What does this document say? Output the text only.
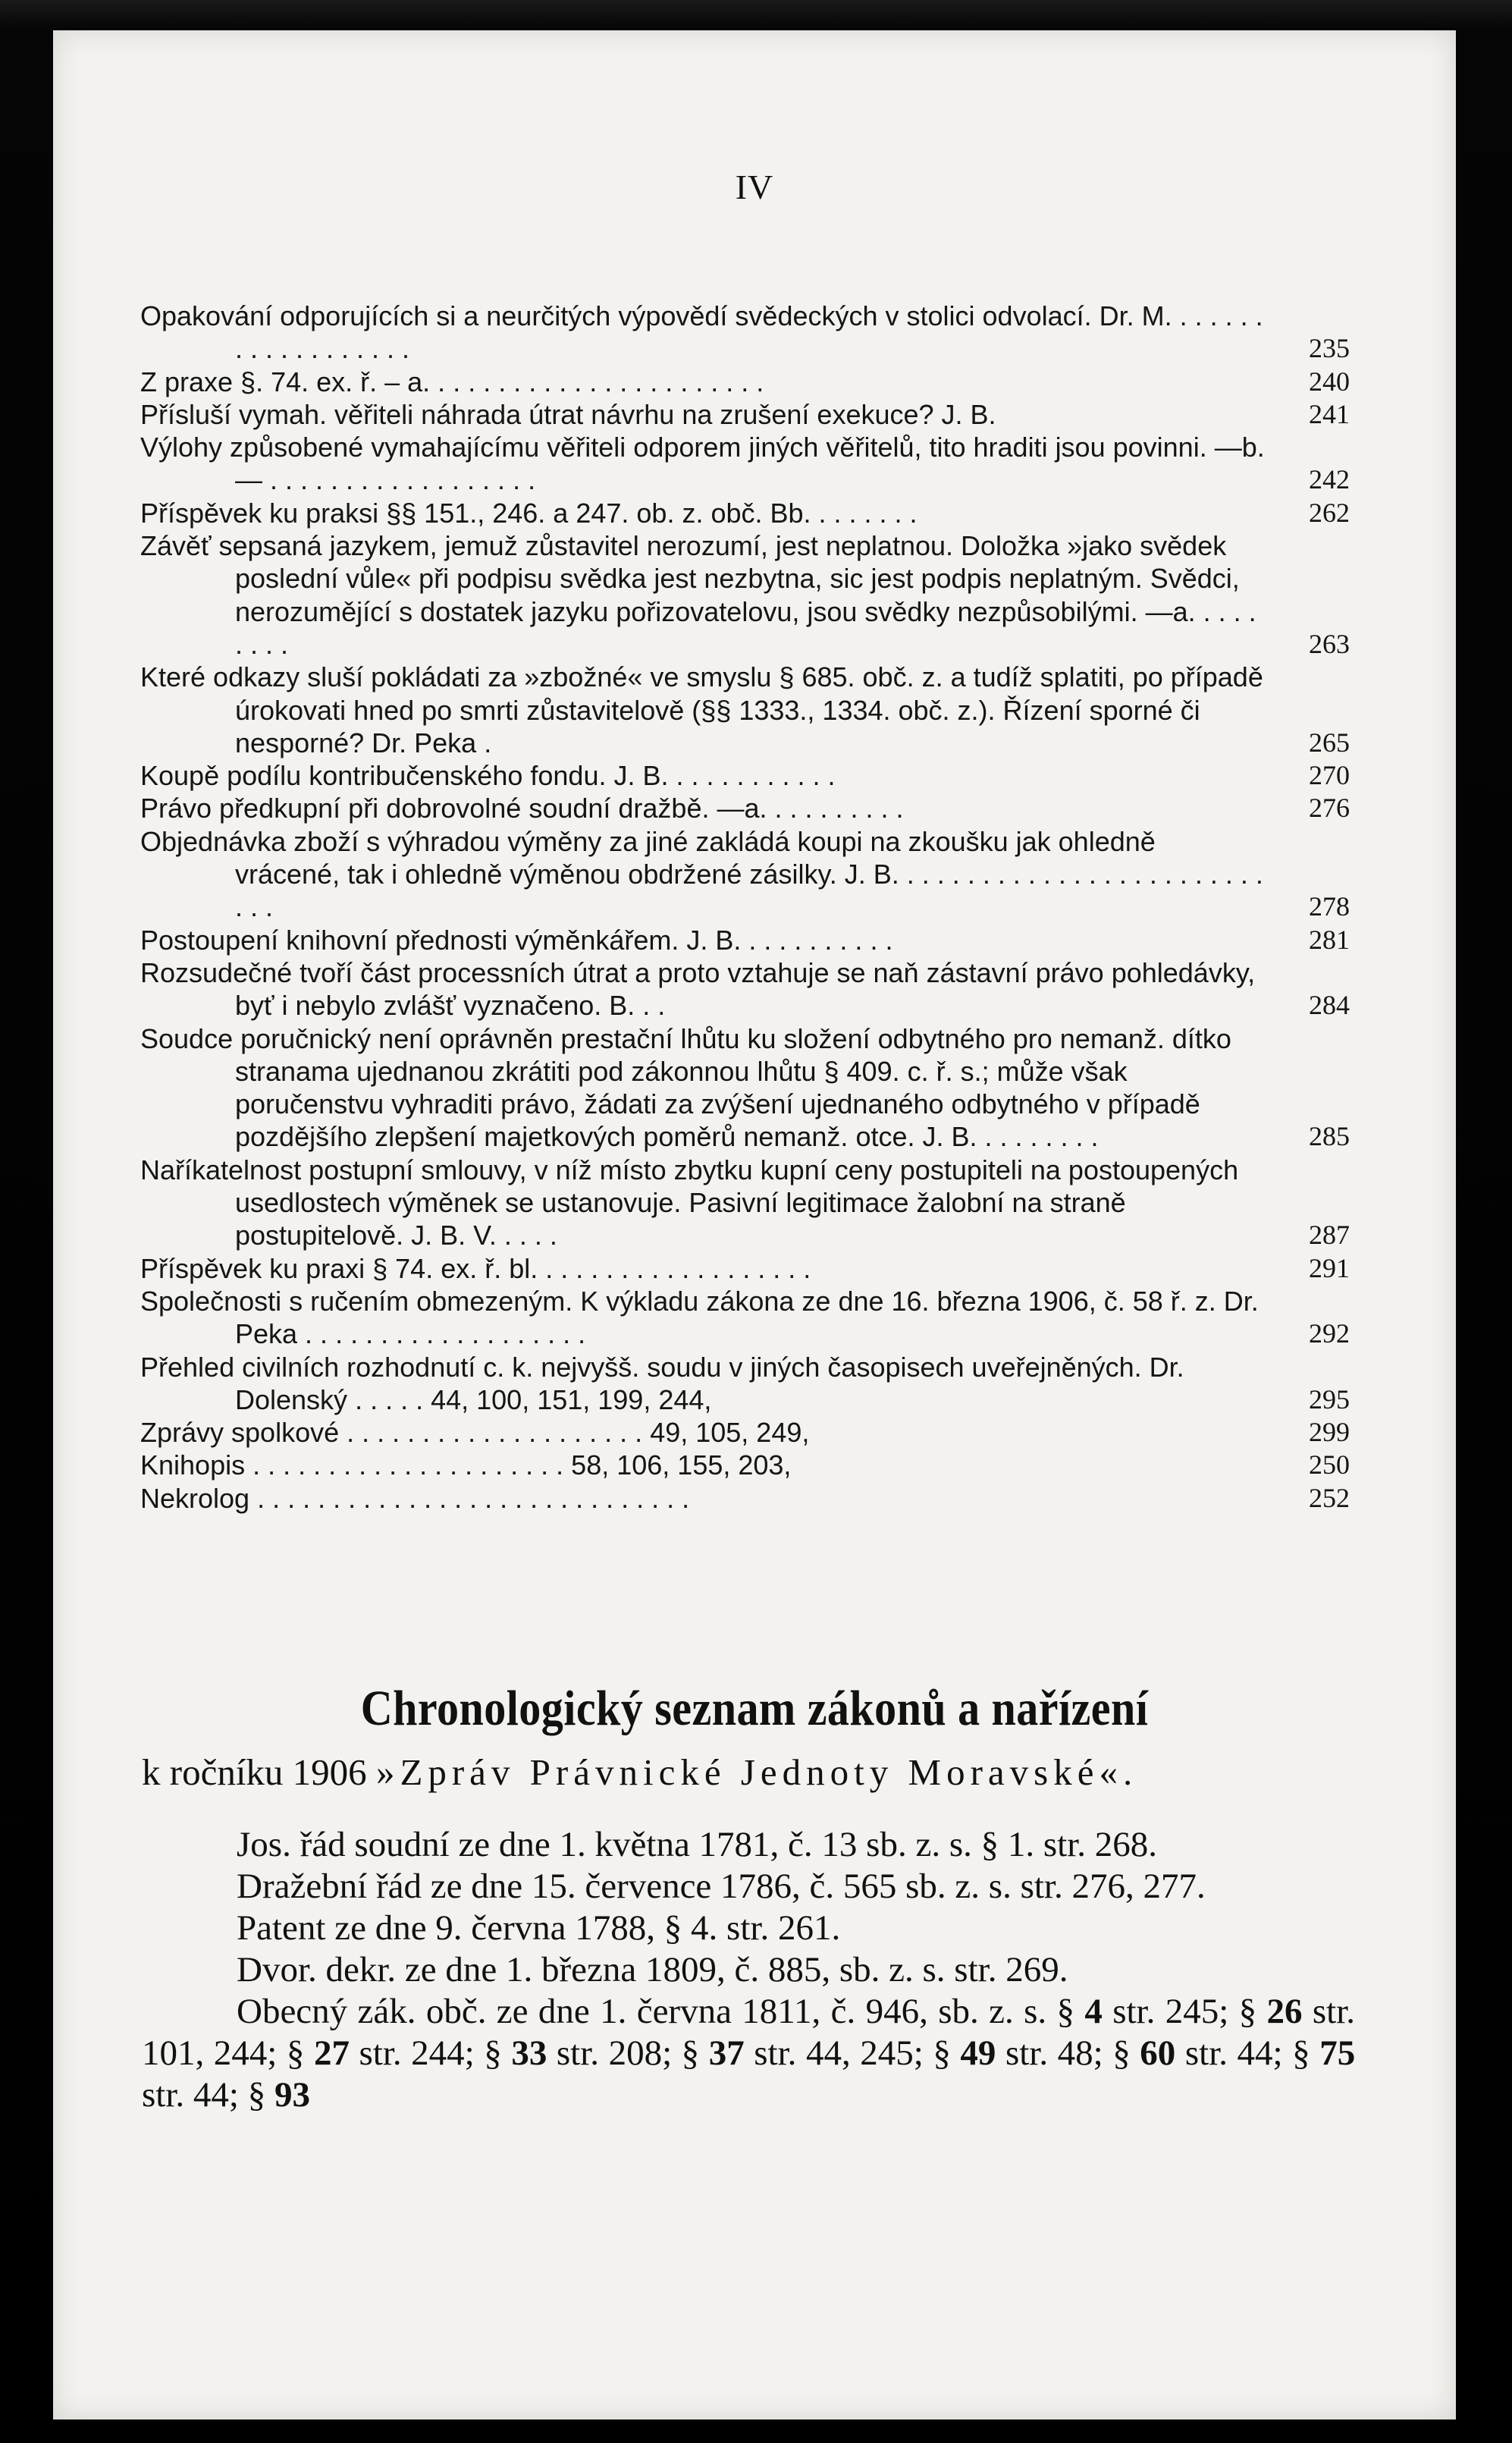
IV
Opakování odporujících si a neurčitých výpovědí svědeckých v stolici odvolací. Dr. M. . . . . . . . . . . . . . . . . . .	235
Z praxe §. 74. ex. ř. – a. . . . . . . . . . . . . . . . . . . . . . .	240
Přísluší vymah. věřiteli náhrada útrat návrhu na zrušení exekuce? J. B.	241
Výlohy způsobené vymahajícímu věřiteli odporem jiných věřitelů, tito hraditi jsou povinni. —b.— . . . . . . . . . . . . . . . . . .	242
Příspěvek ku praksi §§ 151., 246. a 247. ob. z. obč. Bb. . . . . . . .	262
Závěť sepsaná jazykem, jemuž zůstavitel nerozumí, jest neplatnou. Doložka »jako svědek poslední vůle« při podpisu svědka jest nezbytna, sic jest podpis neplatným. Svědci, nerozumějící s dostatek jazyku pořizovatelovu, jsou svědky nezpůsobilými. —a. . . . . . . . .	263
Které odkazy sluší pokládati za »zbožné« ve smyslu § 685. obč. z. a tudíž splatiti, po případě úrokovati hned po smrti zůstavitelově (§§ 1333., 1334. obč. z.). Řízení sporné či nesporné? Dr. Peka .	265
Koupě podílu kontribučenského fondu. J. B. . . . . . . . . . . .	270
Právo předkupní při dobrovolné soudní dražbě. —a. . . . . . . . . .	276
Objednávka zboží s výhradou výměny za jiné zakládá koupi na zkoušku jak ohledně vrácené, tak i ohledně výměnou obdržené zásilky. J. B. . . . . . . . . . . . . . . . . . . . . . . . . . . .	278
Postoupení knihovní přednosti výměnkářem. J. B. . . . . . . . . . .	281
Rozsudečné tvoří část processních útrat a proto vztahuje se naň zástavní právo pohledávky, byť i nebylo zvlášť vyznačeno. B. . .	284
Soudce poručnický není oprávněn prestační lhůtu ku složení odbytného pro nemanž. dítko stranama ujednanou zkrátiti pod zákonnou lhůtu § 409. c. ř. s.; může však poručenstvu vyhraditi právo, žádati za zvýšení ujednaného odbytného v případě pozdějšího zlepšení majetkových poměrů nemanž. otce. J. B. . . . . . . . .	285
Naříkatelnost postupní smlouvy, v níž místo zbytku kupní ceny postupiteli na postoupených usedlostech výměnek se ustanovuje. Pasivní legitimace žalobní na straně postupitelově. J. B. V. . . . .	287
Příspěvek ku praxi § 74. ex. ř. bl. . . . . . . . . . . . . . . . . . .	291
Společnosti s ručením obmezeným. K výkladu zákona ze dne 16. března 1906, č. 58 ř. z. Dr. Peka . . . . . . . . . . . . . . . . . . .	292
Přehled civilních rozhodnutí c. k. nejvyšš. soudu v jiných časopisech uveřejněných. Dr. Dolenský . . . . . 44, 100, 151, 199, 244,	295
Zprávy spolkové . . . . . . . . . . . . . . . . . . . . 49, 105, 249,	299
Knihopis . . . . . . . . . . . . . . . . . . . . . 58, 106, 155, 203,	250
Nekrolog . . . . . . . . . . . . . . . . . . . . . . . . . . . . .	252
Chronologický seznam zákonů a nařízení
k ročníku 1906 »Zpráv Právnické Jednoty Moravské«.

Jos. řád soudní ze dne 1. května 1781, č. 13 sb. z. s. § 1. str. 268.

Dražební řád ze dne 15. července 1786, č. 565 sb. z. s. str. 276, 277.

Patent ze dne 9. června 1788, § 4. str. 261.

Dvor. dekr. ze dne 1. března 1809, č. 885, sb. z. s. str. 269.

Obecný zák. obč. ze dne 1. června 1811, č. 946, sb. z. s. § 4 str. 245; § 26 str. 101, 244; § 27 str. 244; § 33 str. 208; § 37 str. 44, 245; § 49 str. 48; § 60 str. 44; § 75 str. 44; § 93
